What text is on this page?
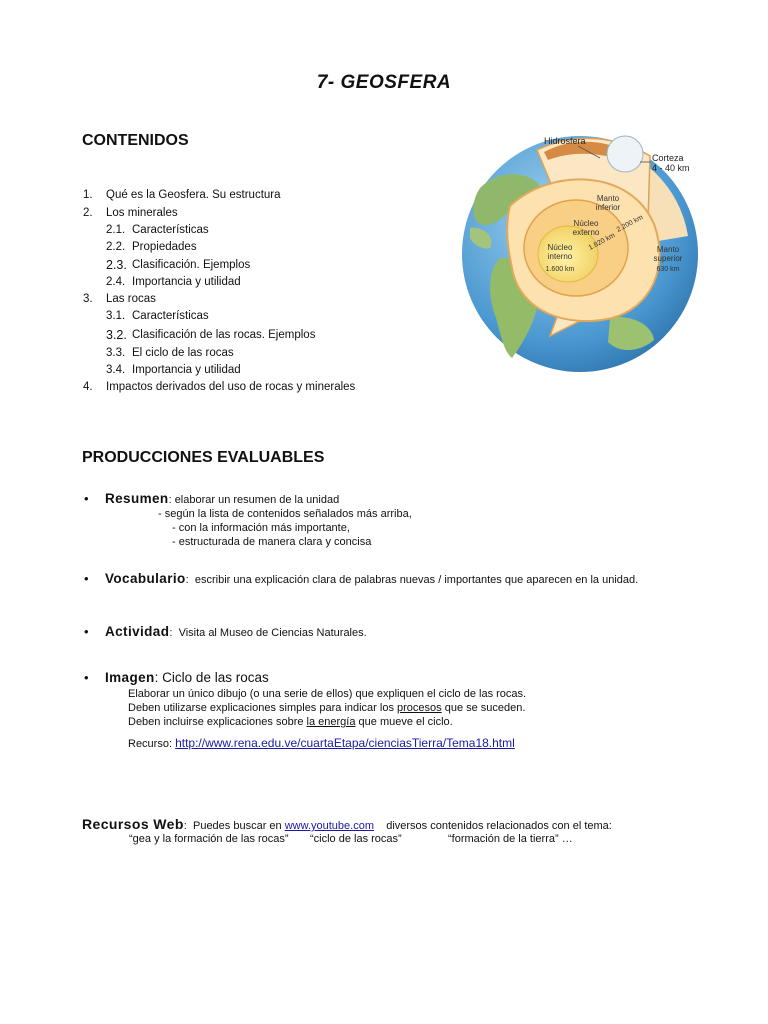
7- GEOSFERA
CONTENIDOS
1. Qué es la Geosfera. Su estructura
2. Los minerales
2.1. Características
2.2. Propiedades
2.3. Clasificación. Ejemplos
2.4. Importancia y utilidad
3. Las rocas
3.1. Características
3.2. Clasificación de las rocas. Ejemplos
3.3. El ciclo de las rocas
3.4. Importancia y utilidad
4. Impactos derivados del uso de rocas y minerales
Hidrosfera
Corteza
4 - 40 km
Manto
inferior
Núcleo
externo
Núcleo
interno
1.600 km
2.200 km
1.820 km	Manto
superior
630 km
PRODUCCIONES EVALUABLES
• Resumen: elaborar un resumen de la unidad
- según la lista de contenidos señalados más arriba,
- con la información más importante,
- estructurada de manera clara y concisa
• Vocabulario: escribir una explicación clara de palabras nuevas / importantes que aparecen en la unidad.
• Actividad: Visita al Museo de Ciencias Naturales.
• Imagen: Ciclo de las rocas
Elaborar un único dibujo (o una serie de ellos) que expliquen el ciclo de las rocas.
Deben utilizarse explicaciones simples para indicar los procesos que se suceden.
Deben incluirse explicaciones sobre la energía que mueve el ciclo.
Recurso: http://www.rena.edu.ve/cuartaEtapa/cienciasTierra/Tema18.html
Recursos Web: Puedes buscar en www.youtube.com diversos contenidos relacionados con el tema:
“gea y la formación de las rocas” “ciclo de las rocas”	“formación de la tierra” …
